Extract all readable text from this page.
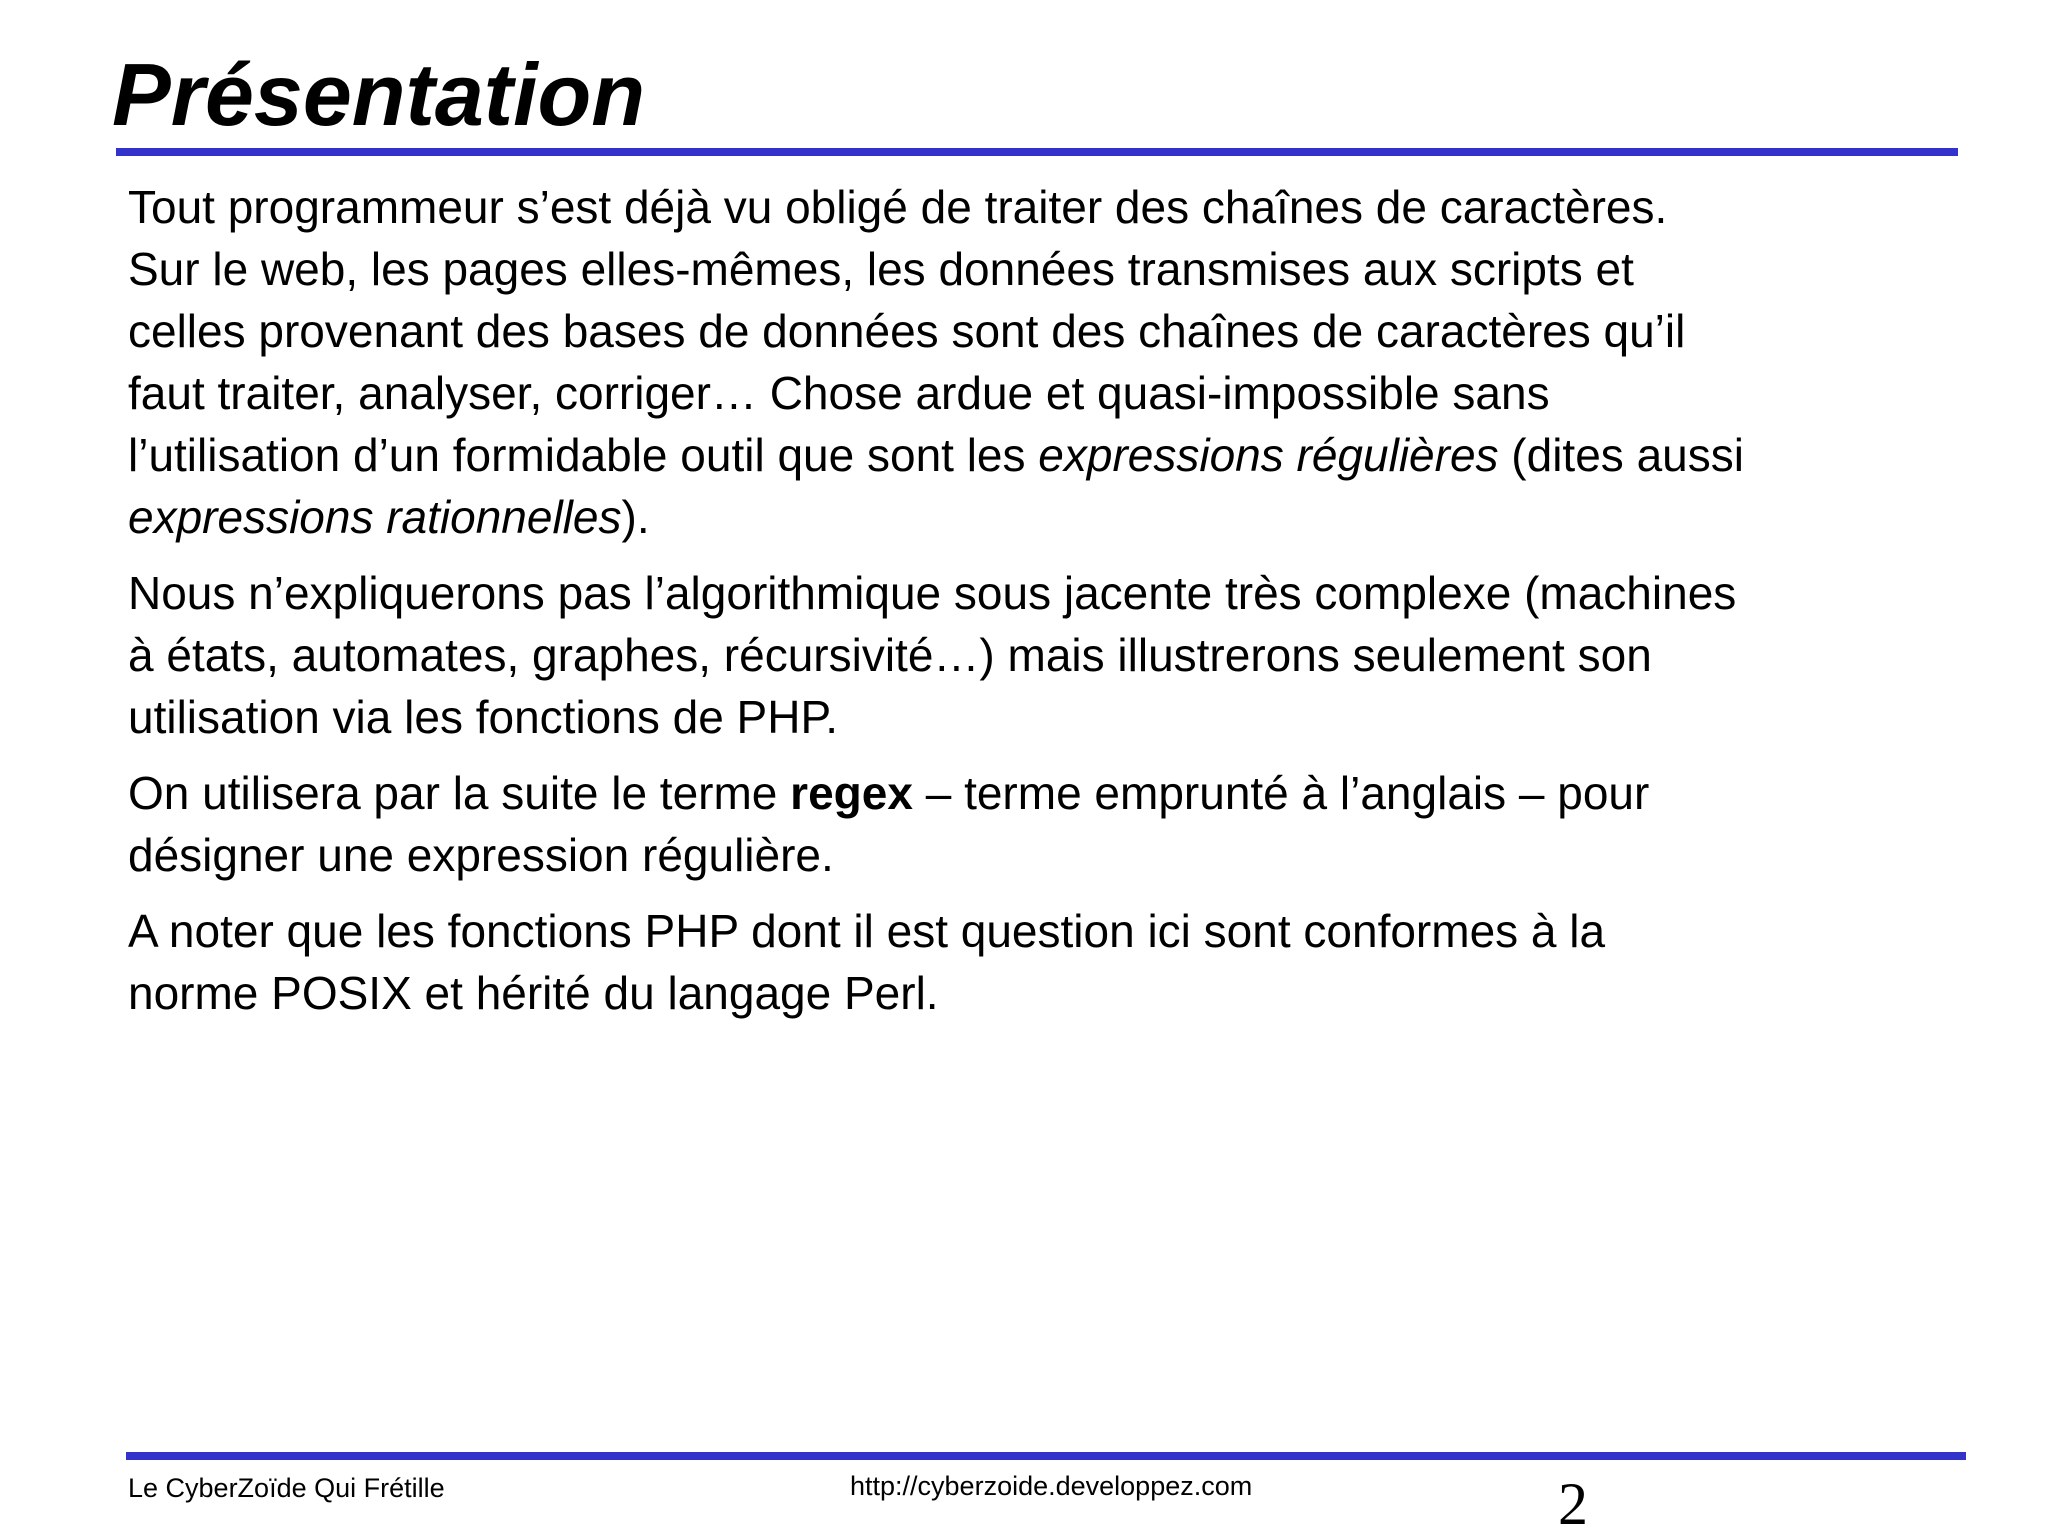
Présentation

Tout programmeur s’est déjà vu obligé de traiter des chaînes de caractères.
Sur le web, les pages elles-mêmes, les données transmises aux scripts et
celles provenant des bases de données sont des chaînes de caractères qu’il
faut traiter, analyser, corriger… Chose ardue et quasi-impossible sans
l’utilisation d’un formidable outil que sont les expressions régulières (dites aussi
expressions rationnelles).

Nous n’expliquerons pas l’algorithmique sous jacente très complexe (machines
à états, automates, graphes, récursivité…) mais illustrerons seulement son
utilisation via les fonctions de PHP.

On utilisera par la suite le terme regex – terme emprunté à l’anglais – pour
désigner une expression régulière.

A noter que les fonctions PHP dont il est question ici sont conformes à la
norme POSIX et hérité du langage Perl.

Le CyberZoïde Qui Frétille	http://cyberzoide.developpez.com	2
